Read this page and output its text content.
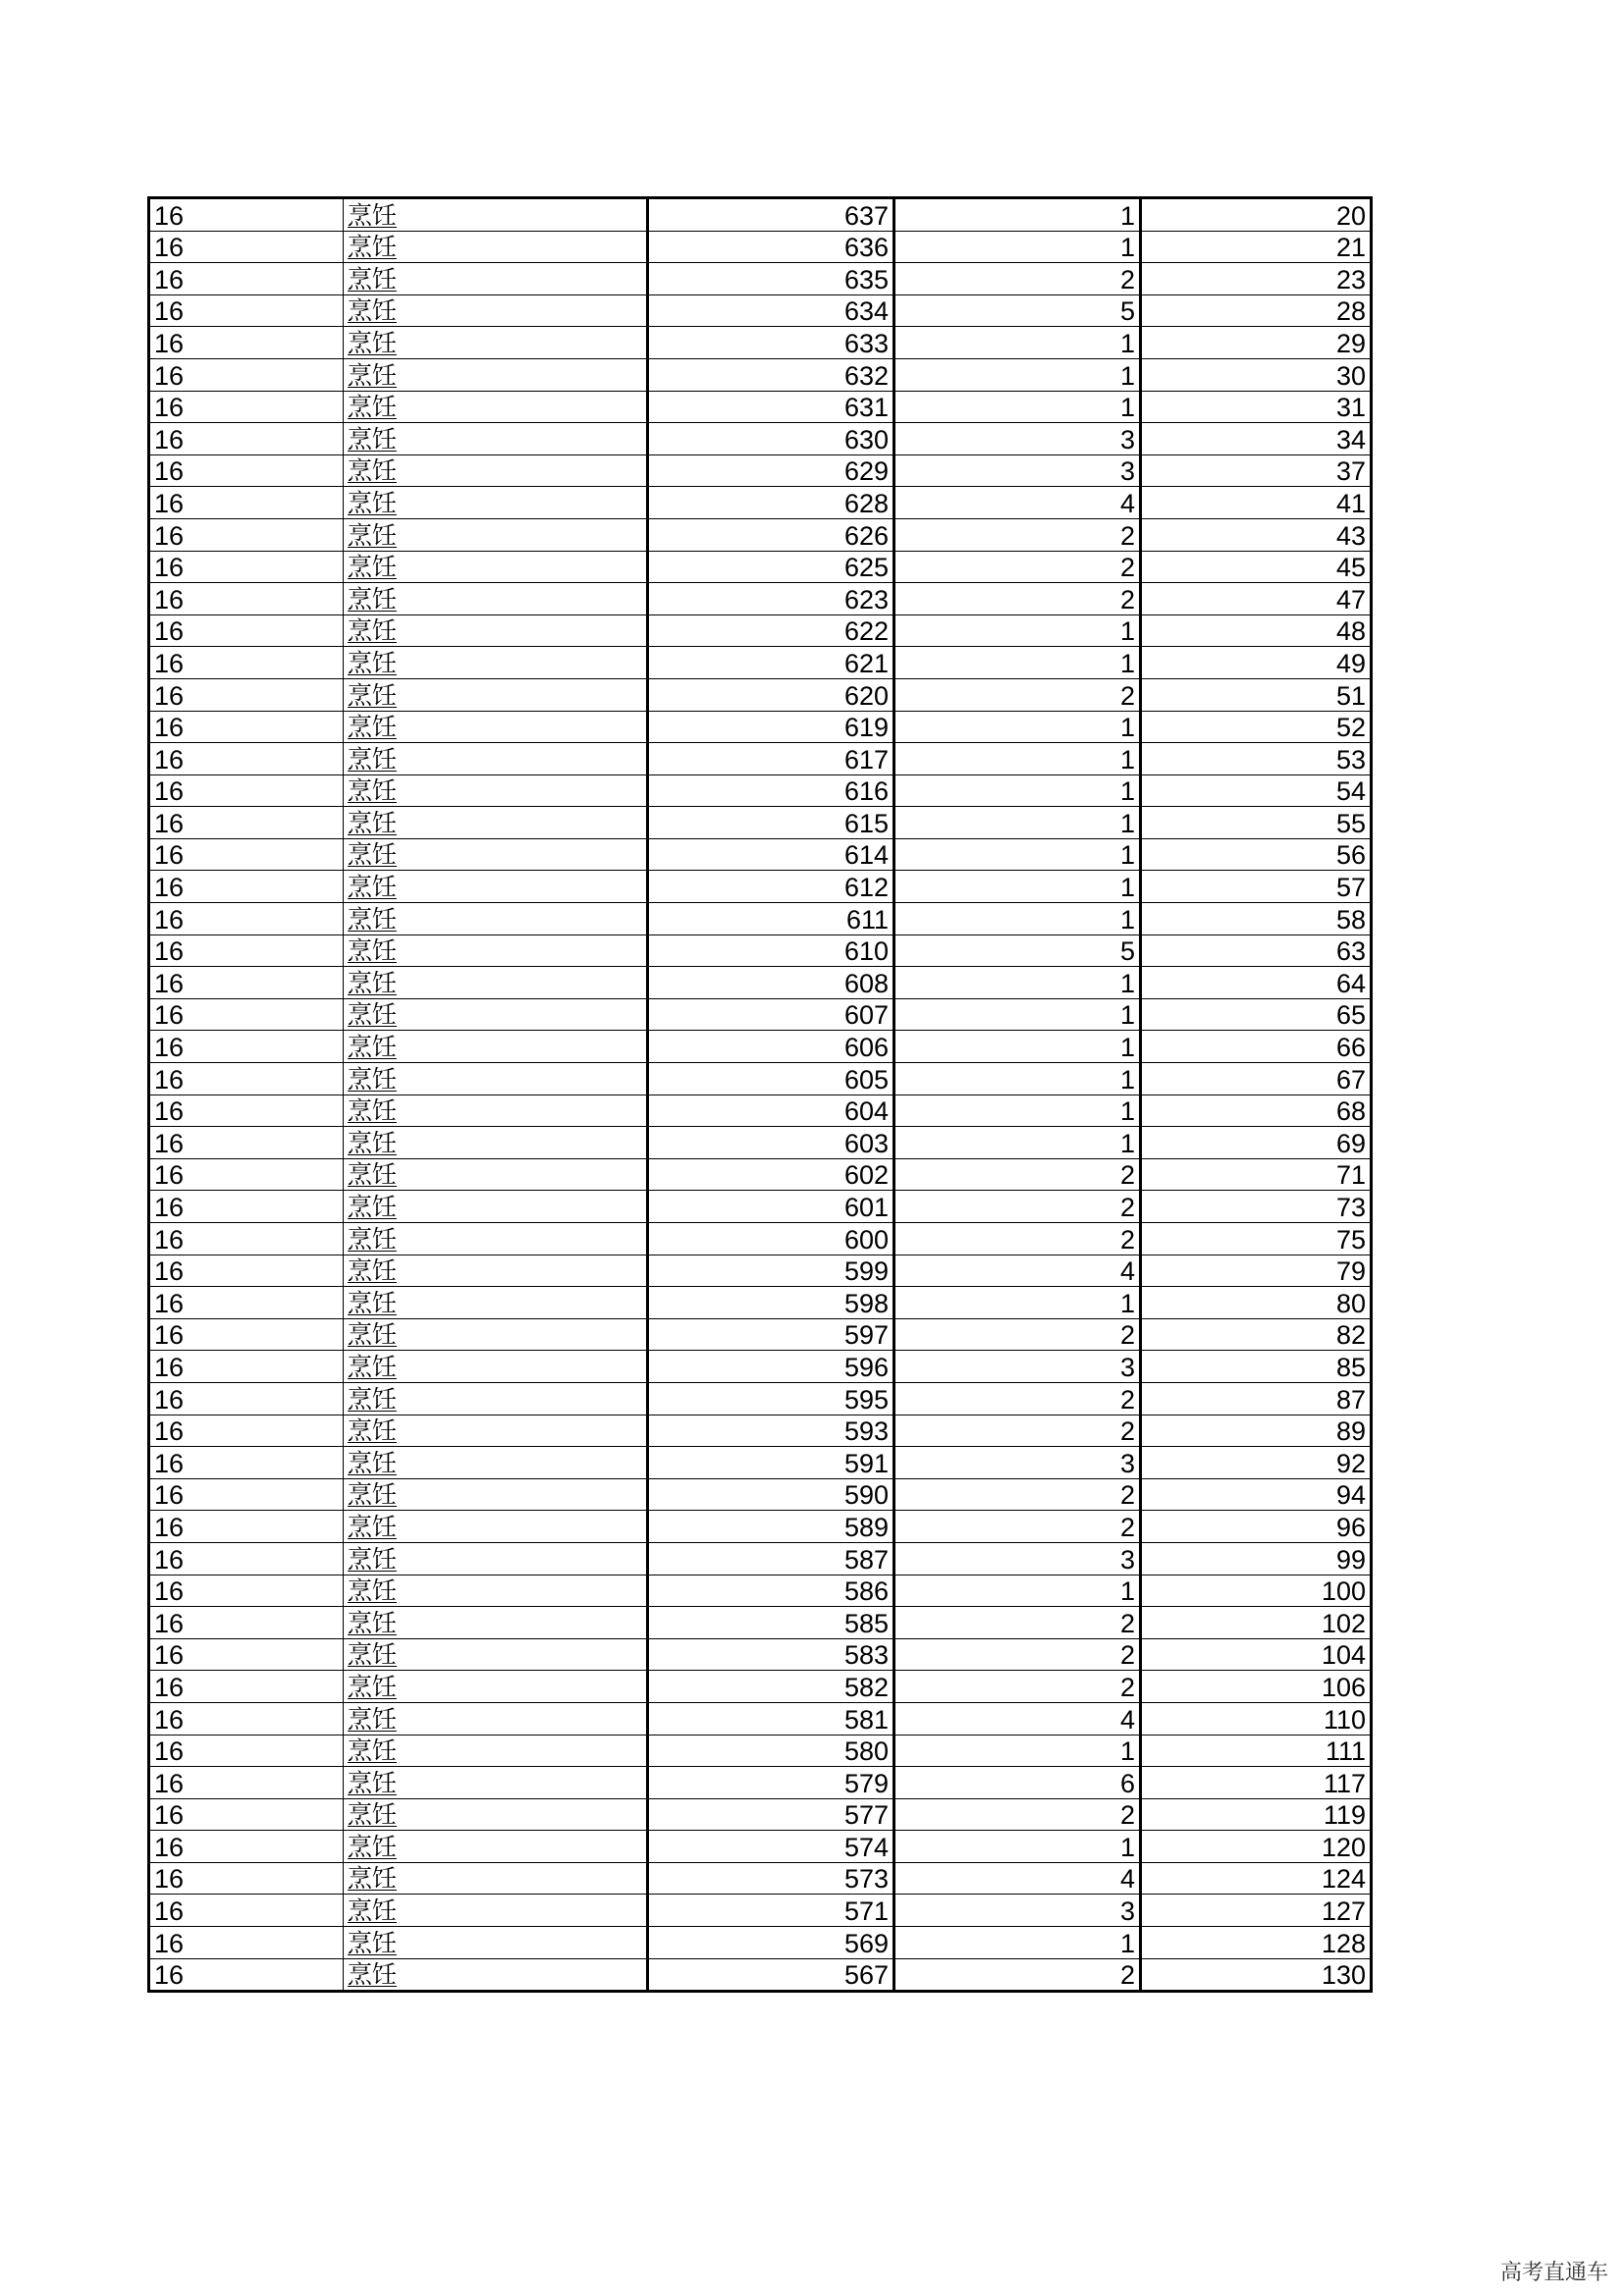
16	烹饪	637	1	20
16	烹饪	636	1	21
16	烹饪	635	2	23
16	烹饪	634	5	28
16	烹饪	633	1	29
16	烹饪	632	1	30
16	烹饪	631	1	31
16	烹饪	630	3	34
16	烹饪	629	3	37
16	烹饪	628	4	41
16	烹饪	626	2	43
16	烹饪	625	2	45
16	烹饪	623	2	47
16	烹饪	622	1	48
16	烹饪	621	1	49
16	烹饪	620	2	51
16	烹饪	619	1	52
16	烹饪	617	1	53
16	烹饪	616	1	54
16	烹饪	615	1	55
16	烹饪	614	1	56
16	烹饪	612	1	57
16	烹饪	611	1	58
16	烹饪	610	5	63
16	烹饪	608	1	64
16	烹饪	607	1	65
16	烹饪	606	1	66
16	烹饪	605	1	67
16	烹饪	604	1	68
16	烹饪	603	1	69
16	烹饪	602	2	71
16	烹饪	601	2	73
16	烹饪	600	2	75
16	烹饪	599	4	79
16	烹饪	598	1	80
16	烹饪	597	2	82
16	烹饪	596	3	85
16	烹饪	595	2	87
16	烹饪	593	2	89
16	烹饪	591	3	92
16	烹饪	590	2	94
16	烹饪	589	2	96
16	烹饪	587	3	99
16	烹饪	586	1	100
16	烹饪	585	2	102
16	烹饪	583	2	104
16	烹饪	582	2	106
16	烹饪	581	4	110
16	烹饪	580	1	111
16	烹饪	579	6	117
16	烹饪	577	2	119
16	烹饪	574	1	120
16	烹饪	573	4	124
16	烹饪	571	3	127
16	烹饪	569	1	128
16	烹饪	567	2	130
高考直通车
